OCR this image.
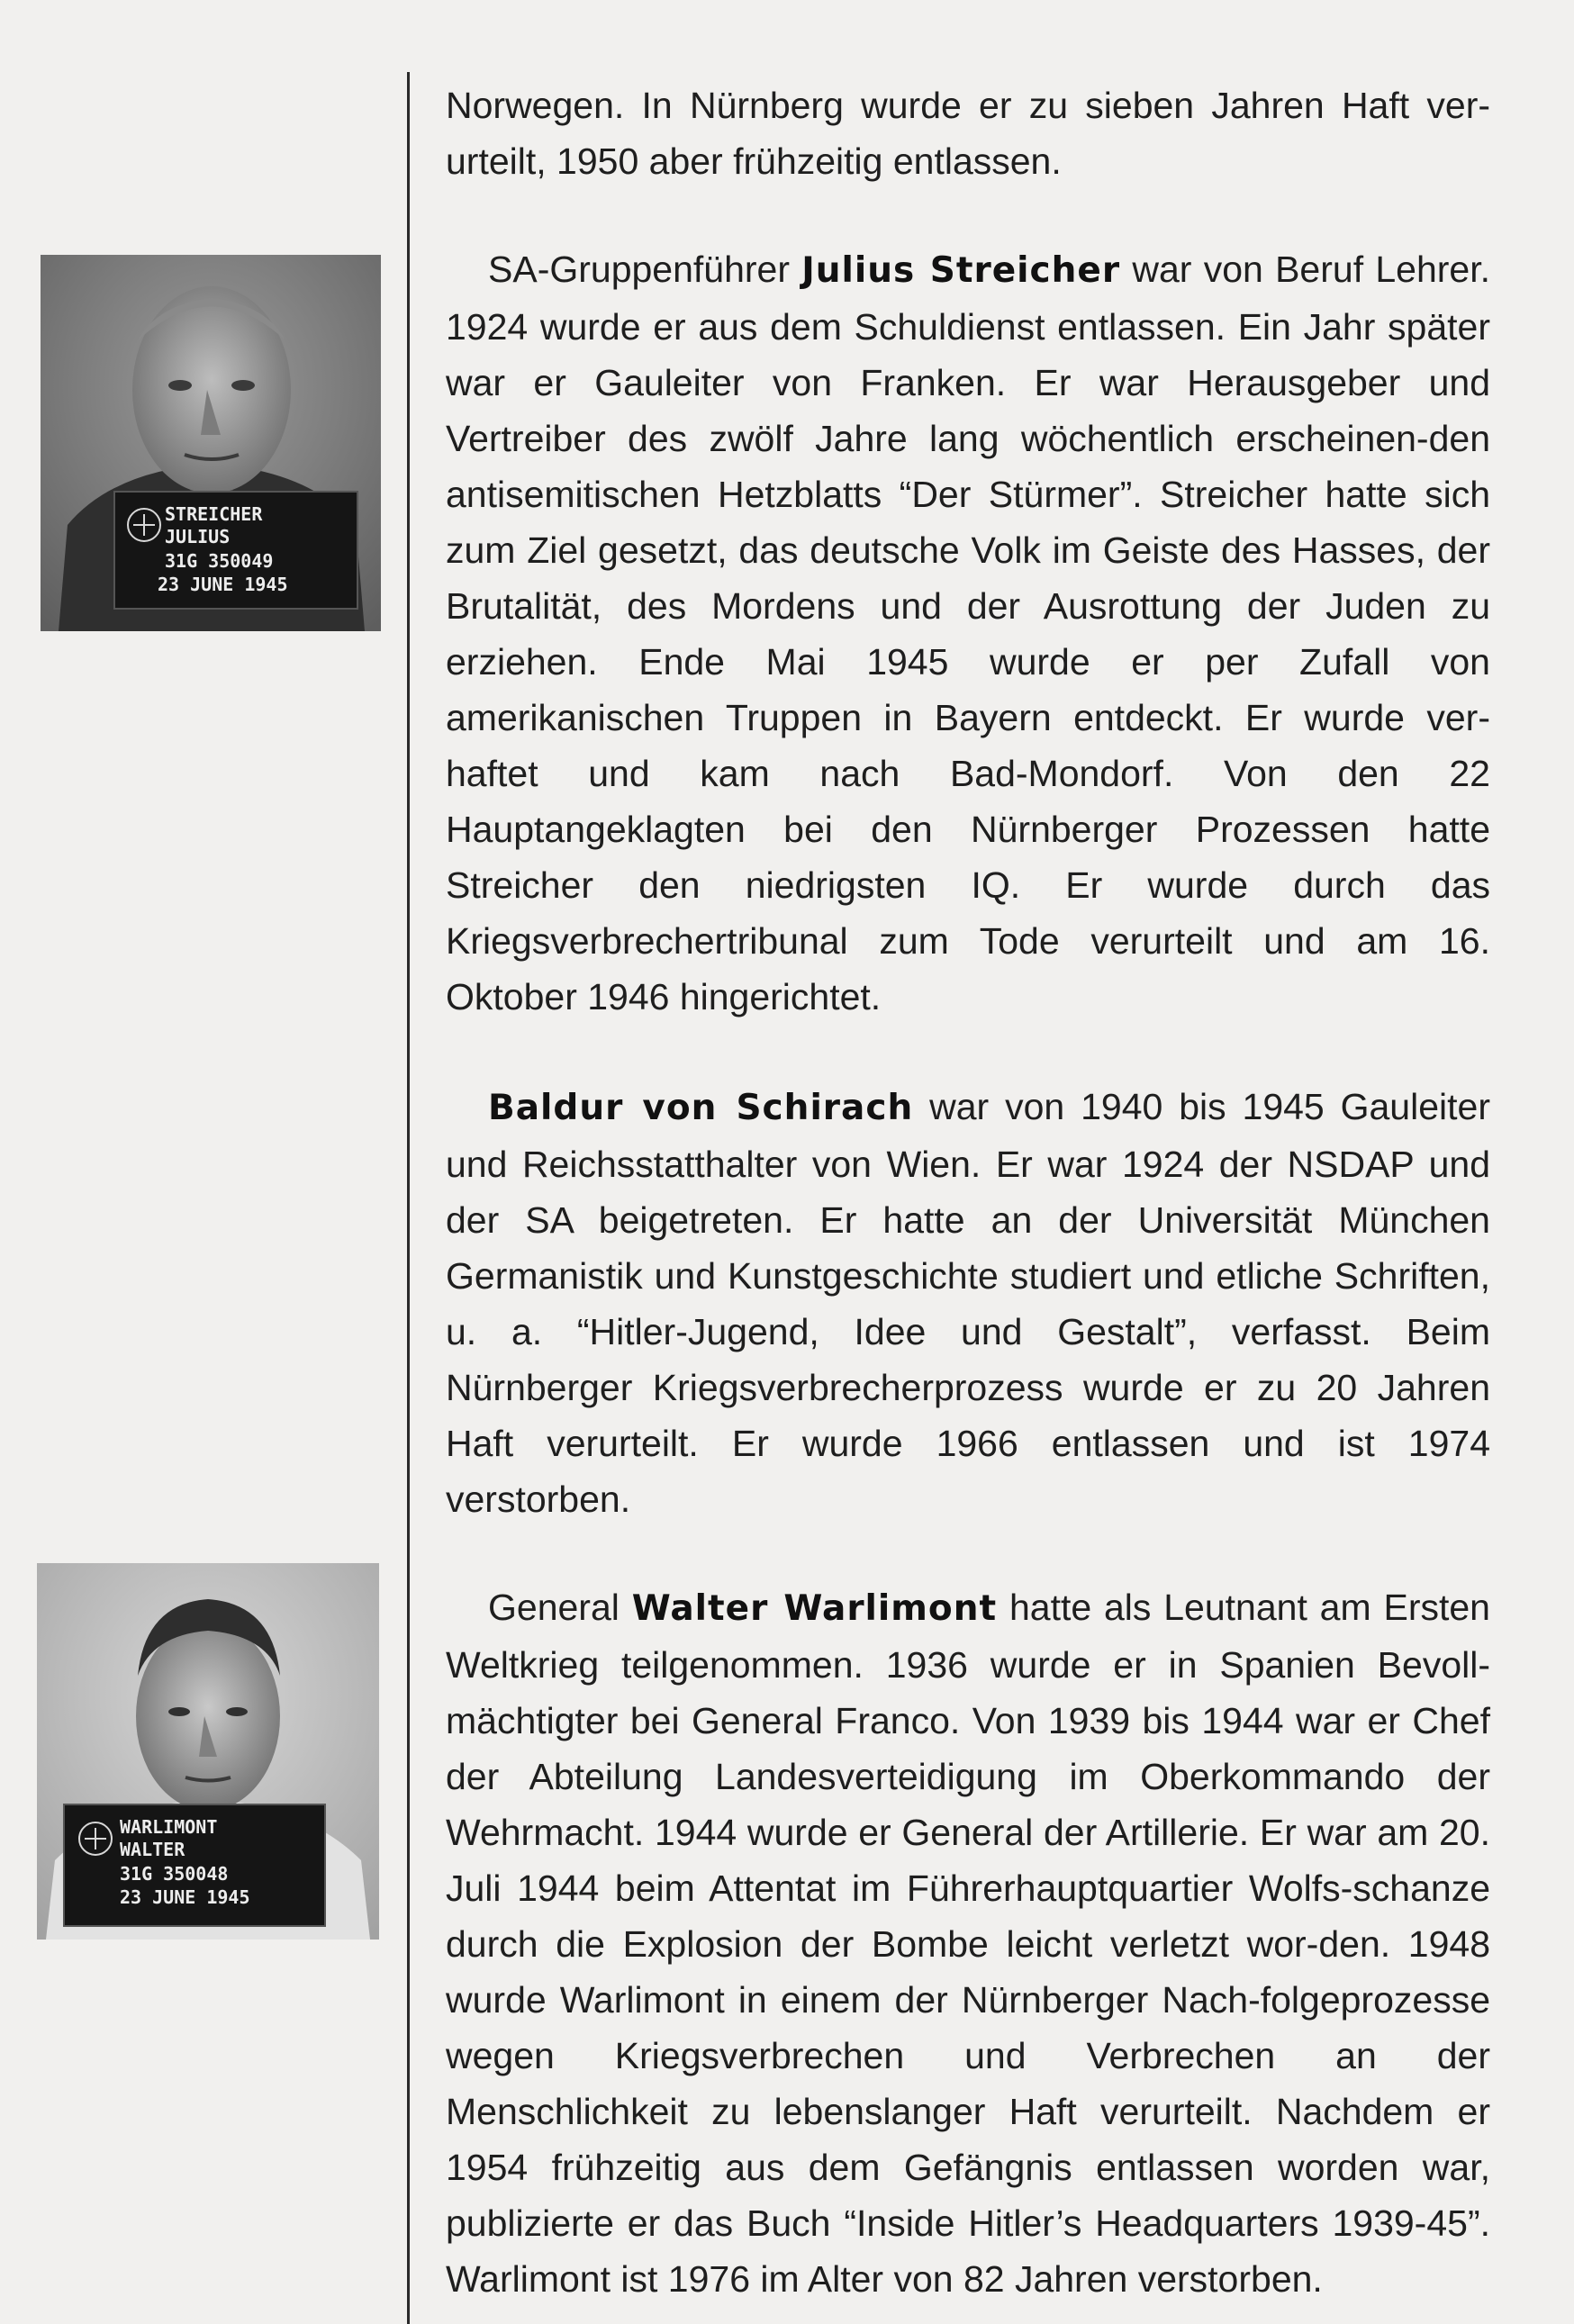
STREICHER
JULIUS
31G 350049
23 JUNE 1945
WARLIMONT
WALTER
31G 350048
23 JUNE 1945

Norwegen. In Nürnberg wurde er zu sieben Jahren Haft ver-urteilt, 1950 aber frühzeitig entlassen.

SA-Gruppenführer Julius Streicher war von Beruf Lehrer. 1924 wurde er aus dem Schuldienst entlassen. Ein Jahr später war er Gauleiter von Franken. Er war Herausgeber und Vertreiber des zwölf Jahre lang wöchentlich erscheinen-den antisemitischen Hetzblatts “Der Stürmer”. Streicher hatte sich zum Ziel gesetzt, das deutsche Volk im Geiste des Hasses, der Brutalität, des Mordens und der Ausrottung der Juden zu erziehen. Ende Mai 1945 wurde er per Zufall von amerikanischen Truppen in Bayern entdeckt. Er wurde ver-haftet und kam nach Bad-Mondorf. Von den 22 Hauptangeklagten bei den Nürnberger Prozessen hatte Streicher den niedrigsten IQ. Er wurde durch das Kriegsverbrechertribunal zum Tode verurteilt und am 16. Oktober 1946 hingerichtet.

Baldur von Schirach war von 1940 bis 1945 Gauleiter und Reichsstatthalter von Wien. Er war 1924 der NSDAP und der SA beigetreten. Er hatte an der Universität München Germanistik und Kunstgeschichte studiert und etliche Schriften, u. a. “Hitler-Jugend, Idee und Gestalt”, verfasst. Beim Nürnberger Kriegsverbrecherprozess wurde er zu 20 Jahren Haft verurteilt. Er wurde 1966 entlassen und ist 1974 verstorben.

General Walter Warlimont hatte als Leutnant am Ersten Weltkrieg teilgenommen. 1936 wurde er in Spanien Bevoll-mächtigter bei General Franco. Von 1939 bis 1944 war er Chef der Abteilung Landesverteidigung im Oberkommando der Wehrmacht. 1944 wurde er General der Artillerie. Er war am 20. Juli 1944 beim Attentat im Führerhauptquartier Wolfs-schanze durch die Explosion der Bombe leicht verletzt wor-den. 1948 wurde Warlimont in einem der Nürnberger Nach-folgeprozesse wegen Kriegsverbrechen und Verbrechen an der Menschlichkeit zu lebenslanger Haft verurteilt. Nachdem er 1954 frühzeitig aus dem Gefängnis entlassen worden war, publizierte er das Buch “Inside Hitler’s Headquarters 1939-45”. Warlimont ist 1976 im Alter von 82 Jahren verstorben.
